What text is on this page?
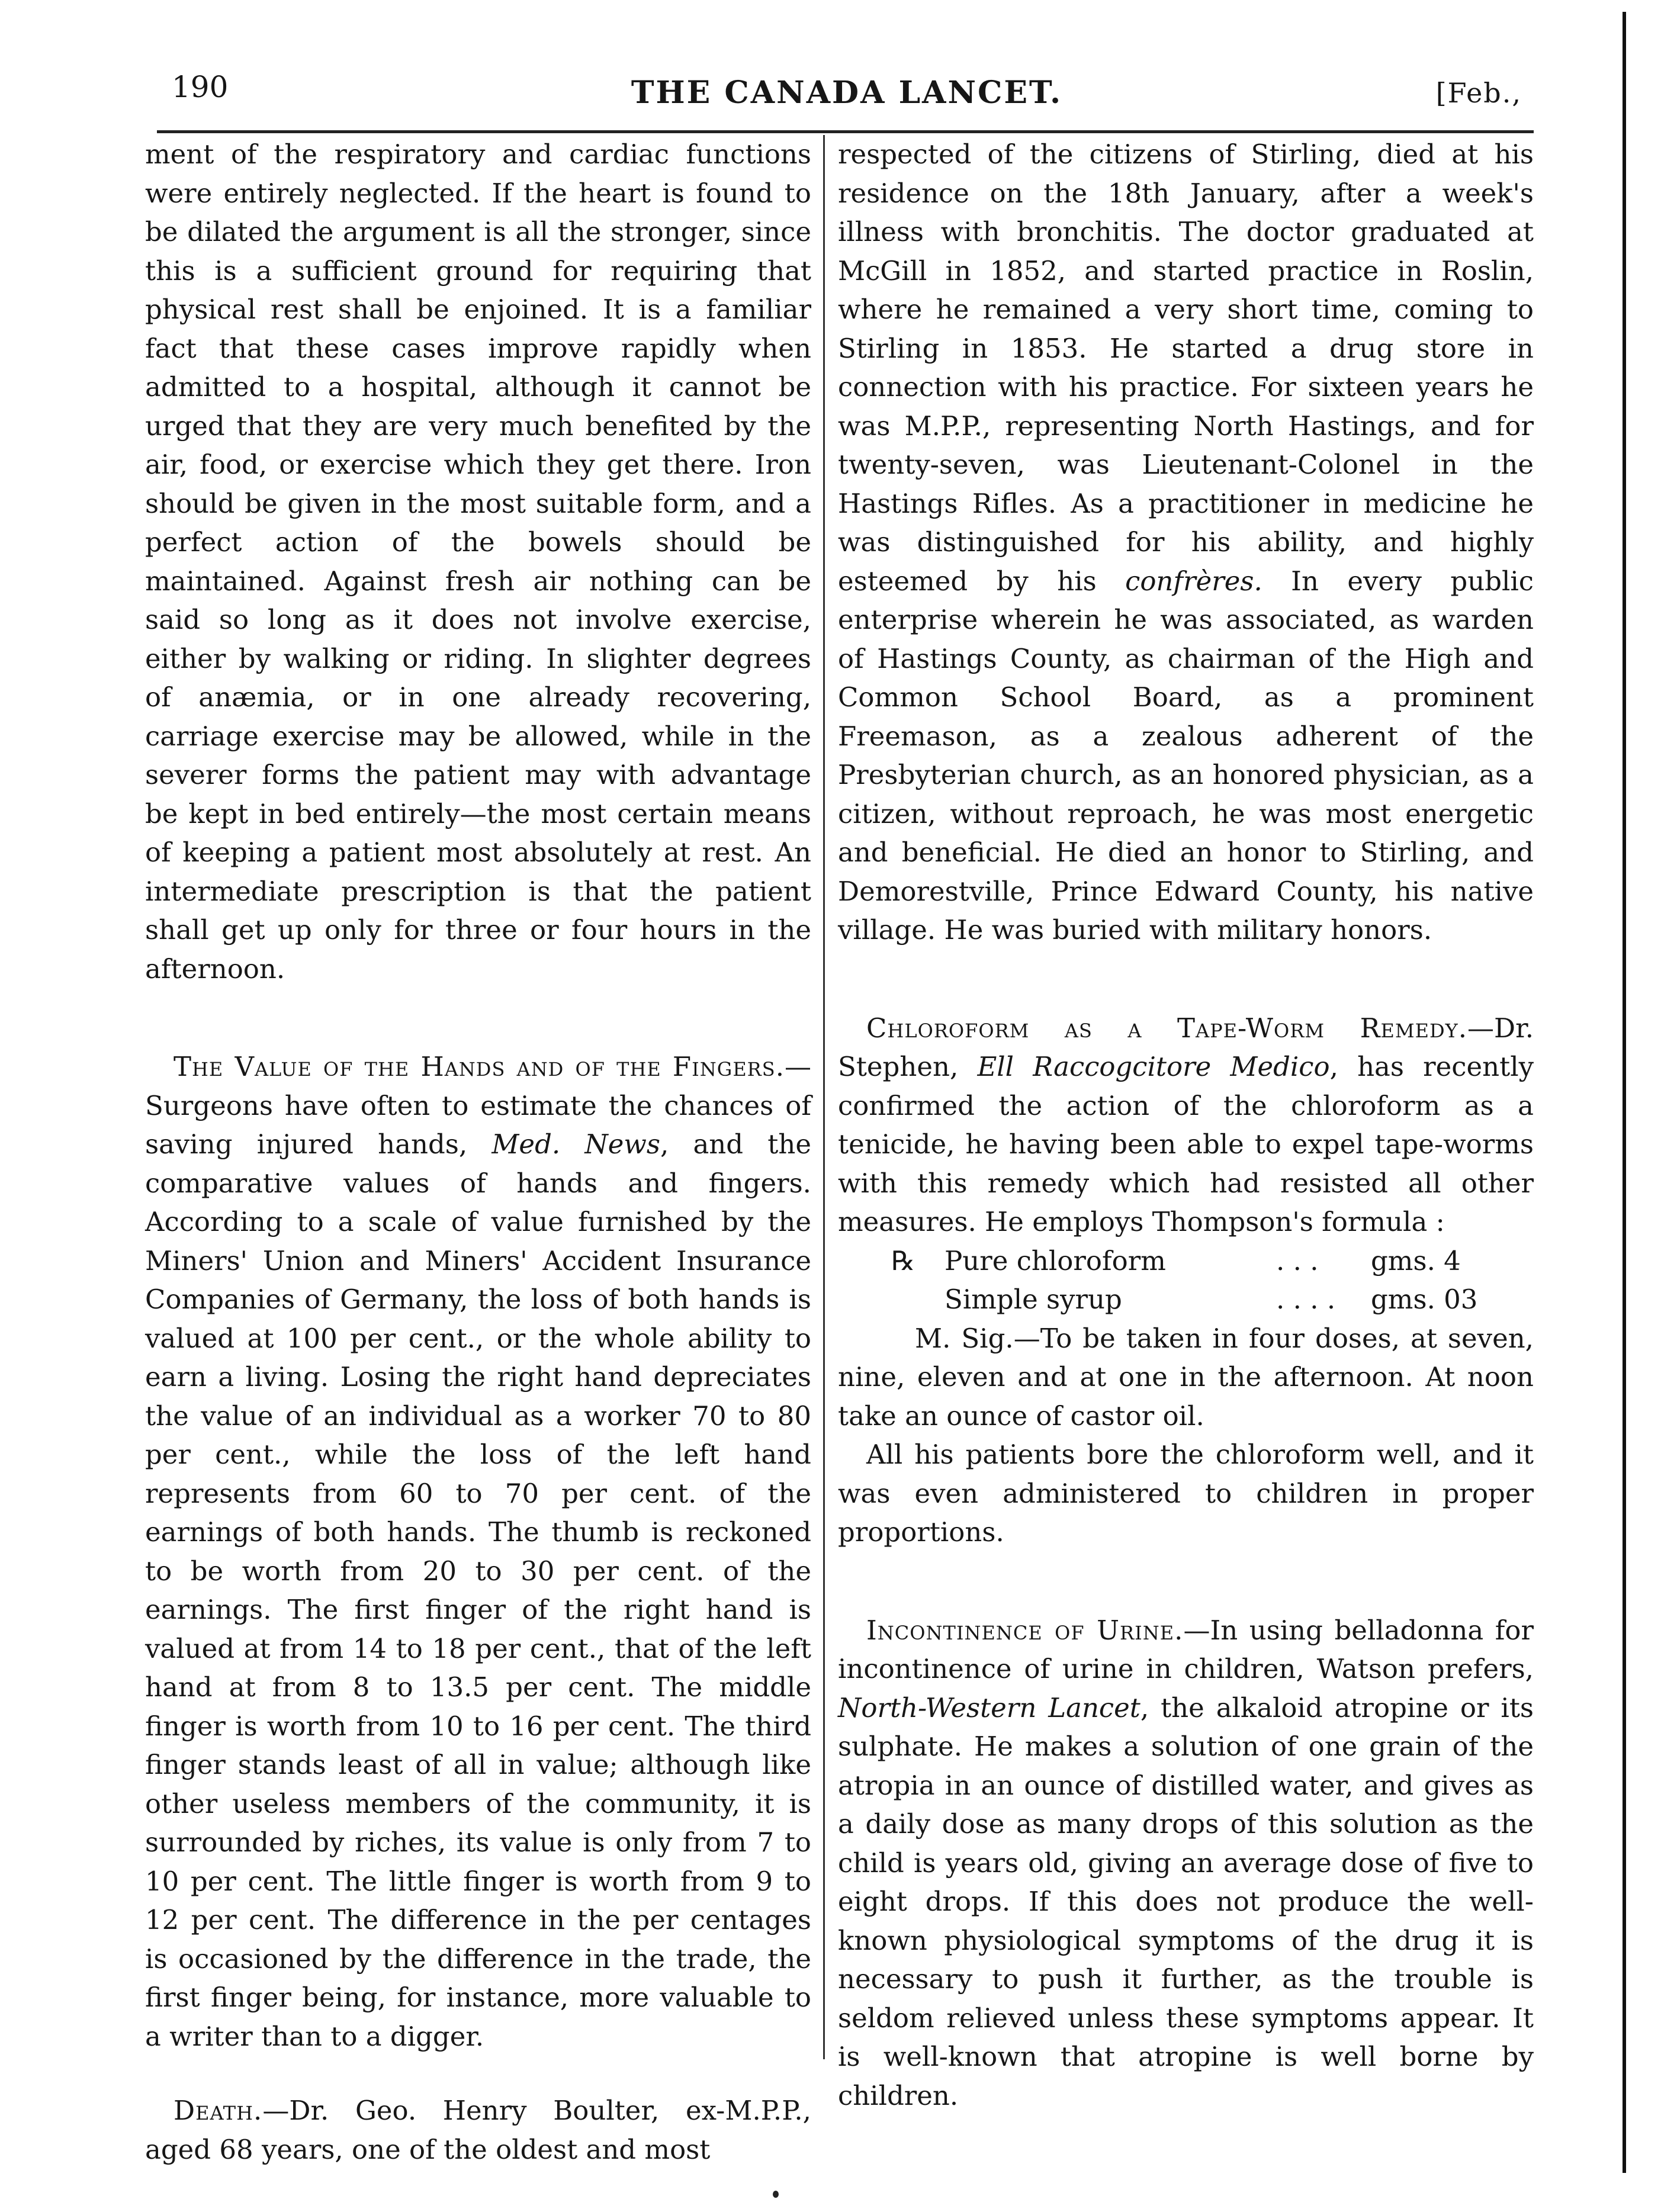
190	THE CANADA LANCET.	[Feb.,

ment of the respiratory and cardiac functions were entirely neglected. If the heart is found to be dilated the argument is all the stronger, since this is a sufficient ground for requiring that physical rest shall be enjoined. It is a familiar fact that these cases improve rapidly when admitted to a hospital, although it cannot be urged that they are very much benefited by the air, food, or exercise which they get there. Iron should be given in the most suitable form, and a perfect action of the bowels should be maintained. Against fresh air nothing can be said so long as it does not involve exercise, either by walking or riding. In slighter degrees of anæmia, or in one already recovering, carriage exercise may be allowed, while in the severer forms the patient may with advantage be kept in bed entirely—the most certain means of keeping a patient most absolutely at rest. An intermediate prescription is that the patient shall get up only for three or four hours in the afternoon.

The Value of the Hands and of the Fingers.—Surgeons have often to estimate the chances of saving injured hands, Med. News, and the comparative values of hands and fingers. According to a scale of value furnished by the Miners' Union and Miners' Accident Insurance Companies of Germany, the loss of both hands is valued at 100 per cent., or the whole ability to earn a living. Losing the right hand depreciates the value of an individual as a worker 70 to 80 per cent., while the loss of the left hand represents from 60 to 70 per cent. of the earnings of both hands. The thumb is reckoned to be worth from 20 to 30 per cent. of the earnings. The first finger of the right hand is valued at from 14 to 18 per cent., that of the left hand at from 8 to 13.5 per cent. The middle finger is worth from 10 to 16 per cent. The third finger stands least of all in value; although like other useless members of the community, it is surrounded by riches, its value is only from 7 to 10 per cent. The little finger is worth from 9 to 12 per cent. The difference in the per centages is occasioned by the difference in the trade, the first finger being, for instance, more valuable to a writer than to a digger.

Death.—Dr. Geo. Henry Boulter, ex-M.P.P., aged 68 years, one of the oldest and most

respected of the citizens of Stirling, died at his residence on the 18th January, after a week's illness with bronchitis. The doctor graduated at McGill in 1852, and started practice in Roslin, where he remained a very short time, coming to Stirling in 1853. He started a drug store in connection with his practice. For sixteen years he was M.P.P., representing North Hastings, and for twenty-seven, was Lieutenant-Colonel in the Hastings Rifles. As a practitioner in medicine he was distinguished for his ability, and highly esteemed by his confrères. In every public enterprise wherein he was associated, as warden of Hastings County, as chairman of the High and Common School Board, as a prominent Freemason, as a zealous adherent of the Presbyterian church, as an honored physician, as a citizen, without reproach, he was most energetic and beneficial. He died an honor to Stirling, and Demorestville, Prince Edward County, his native village. He was buried with military honors.

Chloroform as a Tape-Worm Remedy.—Dr. Stephen, Ell Raccogcitore Medico, has recently confirmed the action of the chloroform as a tenicide, he having been able to expel tape-worms with this remedy which had resisted all other measures. He employs Thompson's formula :

℞	Pure chloroform	. . .	gms. 4
Simple syrup	. . . .	gms. 03

M. Sig.—To be taken in four doses, at seven, nine, eleven and at one in the afternoon. At noon take an ounce of castor oil.

All his patients bore the chloroform well, and it was even administered to children in proper proportions.

Incontinence of Urine.—In using belladonna for incontinence of urine in children, Watson prefers, North-Western Lancet, the alkaloid atropine or its sulphate. He makes a solution of one grain of the atropia in an ounce of distilled water, and gives as a daily dose as many drops of this solution as the child is years old, giving an average dose of five to eight drops. If this does not produce the well-known physiological symptoms of the drug it is necessary to push it further, as the trouble is seldom relieved unless these symptoms appear. It is well-known that atropine is well borne by children.
